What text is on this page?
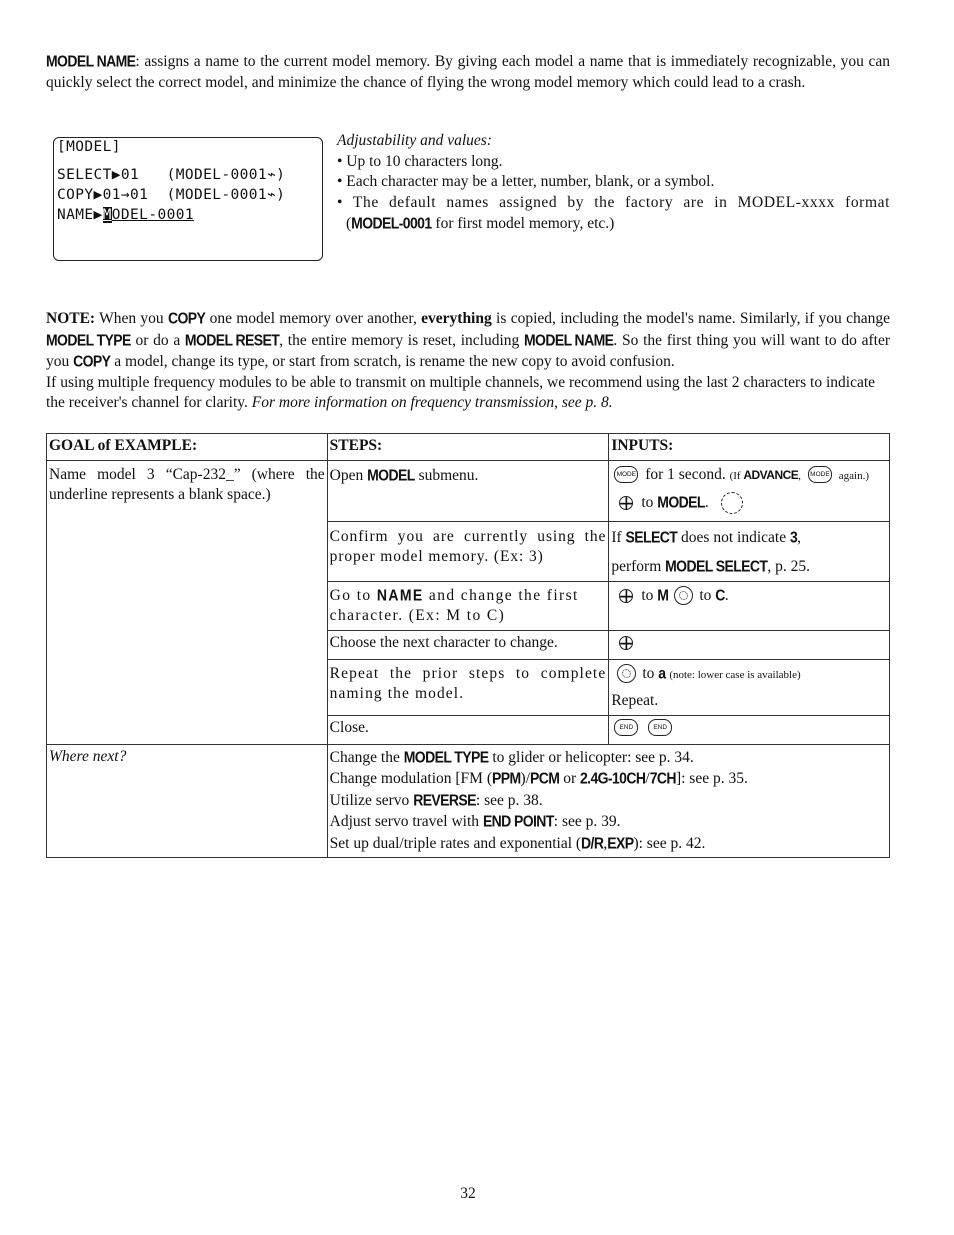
MODEL NAME: assigns a name to the current model memory. By giving each model a name that is immediately recognizable, you can quickly select the correct model, and minimize the chance of flying the wrong model memory which could lead to a crash.

[MODEL]
SELECT▶01 (MODEL-0001⌁)
COPY▶01→01 (MODEL-0001⌁)
NAME▶MODEL-0001

Adjustability and values:

• Up to 10 characters long.

• Each character may be a letter, number, blank, or a symbol.

• The default names assigned by the factory are in MODEL-xxxx format

(MODEL-0001 for first model memory, etc.)

NOTE: When you COPY one model memory over another, everything is copied, including the model's name. Similarly, if you change MODEL TYPE or do a MODEL RESET, the entire memory is reset, including MODEL NAME. So the first thing you will want to do after you COPY a model, change its type, or start from scratch, is rename the new copy to avoid confusion.

If using multiple frequency modules to be able to transmit on multiple channels, we recommend using the last 2 characters to indicate the receiver's channel for clarity. For more information on frequency transmission, see p. 8.

GOAL of EXAMPLE:	STEPS:	INPUTS:
Name model 3 “Cap-232_” (where the underline represents a blank space.)	Open MODEL submenu.	MODE for 1 second. (If ADVANCE, MODE again.)
+to MODEL.

	Confirm you are currently using the proper model memory. (Ex: 3)	If SELECT does not indicate 3,
perform MODEL SELECT, p. 25.

	Go to NAME and change the first character. (Ex: M to C)	+to M to C.
	Choose the next character to change.	+
	Repeat the prior steps to complete naming the model.	to a (note: lower case is available)
Repeat.

	Close.	END END
Where next?	Change the MODEL TYPE to glider or helicopter: see p. 34.
Change modulation [FM (PPM)/PCM or 2.4G-10CH/7CH]: see p. 35.
Utilize servo REVERSE: see p. 38.
Adjust servo travel with END POINT: see p. 39.
Set up dual/triple rates and exponential (D/R,EXP): see p. 42.	
32
